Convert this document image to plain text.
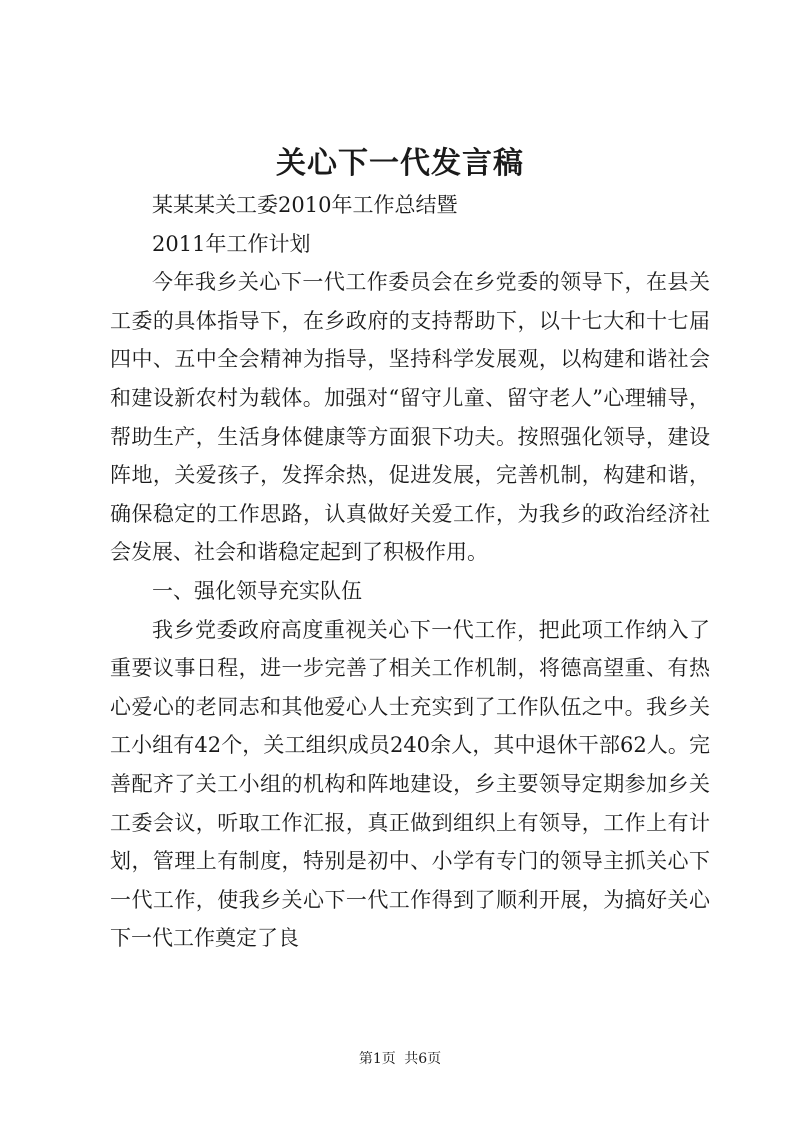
关心下一代发言稿

某某某关工委2010年工作总结暨

2011年工作计划

今年我乡关心下一代工作委员会在乡党委的领导下，在县关工委的具体指导下，在乡政府的支持帮助下，以十七大和十七届四中、五中全会精神为指导，坚持科学发展观，以构建和谐社会和建设新农村为载体。加强对“留守儿童、留守老人”心理辅导，帮助生产，生活身体健康等方面狠下功夫。按照强化领导，建设阵地，关爱孩子，发挥余热，促进发展，完善机制，构建和谐，确保稳定的工作思路，认真做好关爱工作，为我乡的政治经济社会发展、社会和谐稳定起到了积极作用。

一、强化领导充实队伍

我乡党委政府高度重视关心下一代工作，把此项工作纳入了重要议事日程，进一步完善了相关工作机制，将德高望重、有热心爱心的老同志和其他爱心人士充实到了工作队伍之中。我乡关工小组有42个，关工组织成员240余人，其中退休干部62人。完善配齐了关工小组的机构和阵地建设，乡主要领导定期参加乡关工委会议，听取工作汇报，真正做到组织上有领导，工作上有计划，管理上有制度，特别是初中、小学有专门的领导主抓关心下一代工作，使我乡关心下一代工作得到了顺利开展，为搞好关心下一代工作奠定了良

第1页 共6页
